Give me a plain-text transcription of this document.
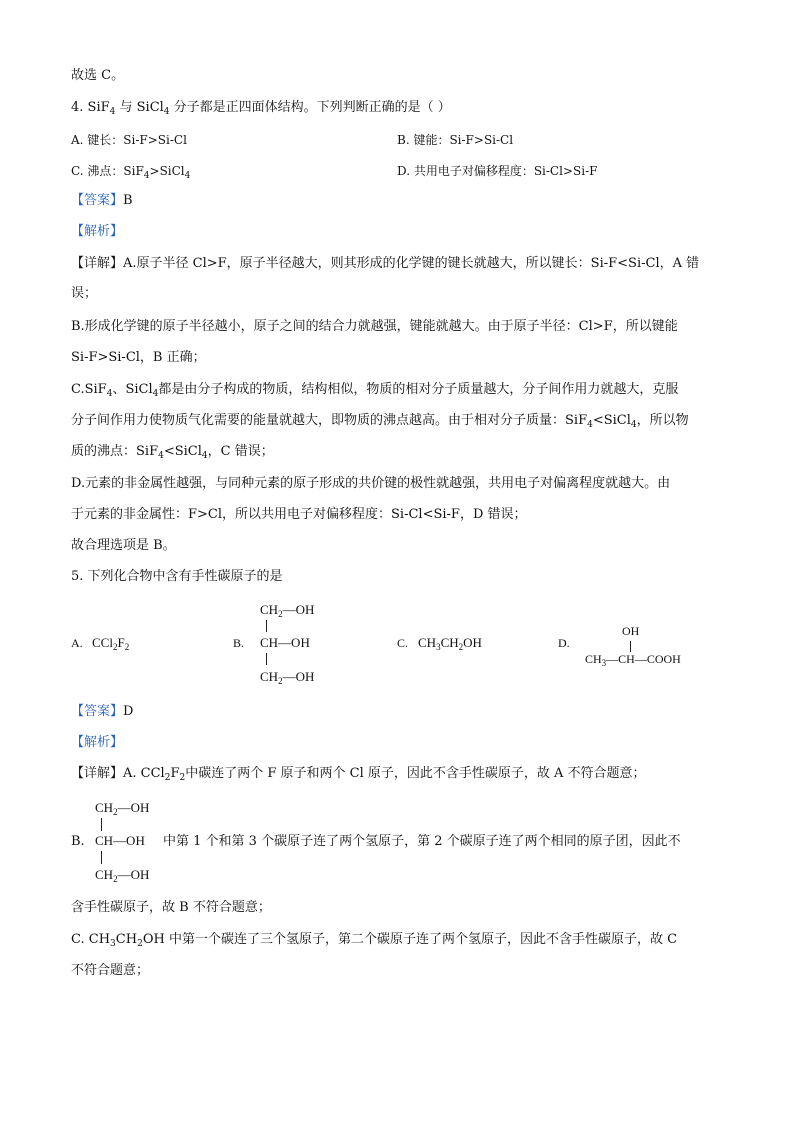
故选 C。
4. SiF$_4$ 与 SiCl$_4$ 分子都是正四面体结构。下列判断正确的是（ ）
A. 键长：Si-F>Si-Cl	B. 键能：Si-F>Si-Cl
C. 沸点：SiF$_4$>SiCl$_4$	D. 共用电子对偏移程度：Si-Cl>Si-F
【答案】B
【解析】
【详解】A.原子半径 Cl>F，原子半径越大，则其形成的化学键的键长就越大，所以键长：Si-F<Si-Cl，A 错
误；
B.形成化学键的原子半径越小，原子之间的结合力就越强，键能就越大。由于原子半径：Cl>F，所以键能
Si-F>Si-Cl，B 正确；
C.SiF$_4$、SiCl$_4$都是由分子构成的物质，结构相似，物质的相对分子质量越大，分子间作用力就越大，克服
分子间作用力使物质气化需要的能量就越大，即物质的沸点越高。由于相对分子质量：SiF$_4$<SiCl$_4$，所以物
质的沸点：SiF$_4$<SiCl$_4$，C 错误；
D.元素的非金属性越强，与同种元素的原子形成的共价键的极性就越强，共用电子对偏离程度就越大。由
于元素的非金属性：F>Cl，所以共用电子对偏移程度：Si-Cl<Si-F，D 错误；
故合理选项是 B。
5. 下列化合物中含有手性碳原子的是
A. $CCl_2F_2$	B.
$CH_2—OH$
CH—OH
$CH_2—OH$
C. $CH_3CH_2OH$	D.
OH
$CH_3—CH—COOH$
【答案】D
【解析】
【详解】A. $CCl_2F_2$中碳连了两个 F 原子和两个 Cl 原子，因此不含手性碳原子，故 A 不符合题意；
B.
$CH_2—OH$
CH—OH
$CH_2—OH$
中第 1 个和第 3 个碳原子连了两个氢原子，第 2 个碳原子连了两个相同的原子团，因此不
含手性碳原子，故 B 不符合题意；
C. $CH_3CH_2OH$ 中第一个碳连了三个氢原子，第二个碳原子连了两个氢原子，因此不含手性碳原子，故 C
不符合题意；
